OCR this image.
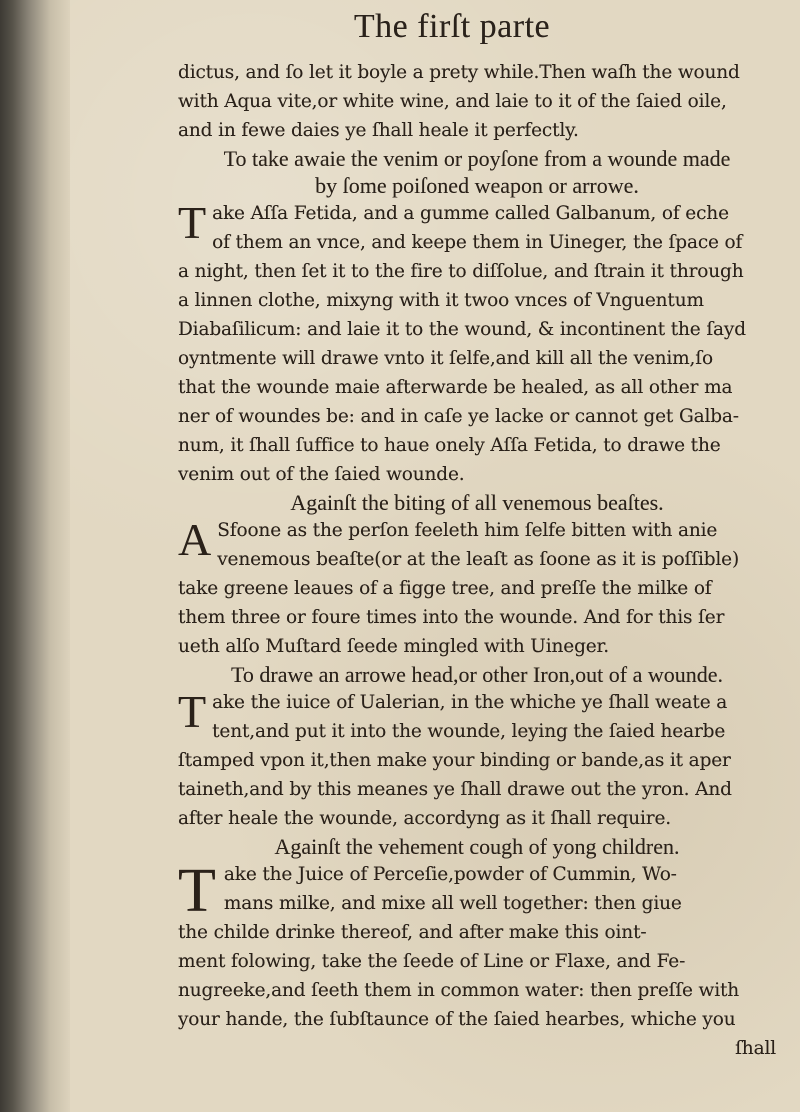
The firſt parte
dictus, and ſo let it boyle a prety while.Then waſh the wound
with Aqua vite,or white wine, and laie to it of the ſaied oile,
and in fewe daies ye ſhall heale it perfectly.
To take awaie the venim or poyſone from a wounde made
by ſome poiſoned weapon or arrowe.
T ake Aſſa Fetida, and a gumme called Galbanum, of eche
of them an vnce, and keepe them in Uineger, the ſpace of
a night, then ſet it to the fire to diſſolue, and ſtrain it through
a linnen clothe, mixyng with it twoo vnces of Vnguentum
Diabaſilicum: and laie it to the wound, & incontinent the ſayd
oyntmente will drawe vnto it ſelfe,and kill all the venim,ſo
that the wounde maie afterwarde be healed, as all other ma
ner of woundes be: and in caſe ye lacke or cannot get Galba-
num, it ſhall ſuffice to haue onely Aſſa Fetida, to drawe the
venim out of the ſaied wounde.
Againſt the biting of all venemous beaſtes.
A Sfoone as the perſon feeleth him ſelfe bitten with anie
venemous beaſte(or at the leaſt as ſoone as it is poſſible)
take greene leaues of a figge tree, and preſſe the milke of
them three or foure times into the wounde. And for this ſer
ueth alſo Muſtard ſeede mingled with Uineger.
To drawe an arrowe head,or other Iron,out of a wounde.
T ake the iuice of Ualerian, in the whiche ye ſhall weate a
tent,and put it into the wounde, leying the ſaied hearbe
ſtamped vpon it,then make your binding or bande,as it aper
taineth,and by this meanes ye ſhall drawe out the yron. And
after heale the wounde, accordyng as it ſhall require.
Againſt the vehement cough of yong children.
T ake the Juice of Perceſie,powder of Cummin, Wo-
mans milke, and mixe all well together: then giue
the childe drinke thereof, and after make this oint-
ment folowing, take the ſeede of Line or Flaxe, and Fe-
nugreeke,and ſeeth them in common water: then preſſe with
your hande, the ſubſtaunce of the ſaied hearbes, whiche you
ſhall
